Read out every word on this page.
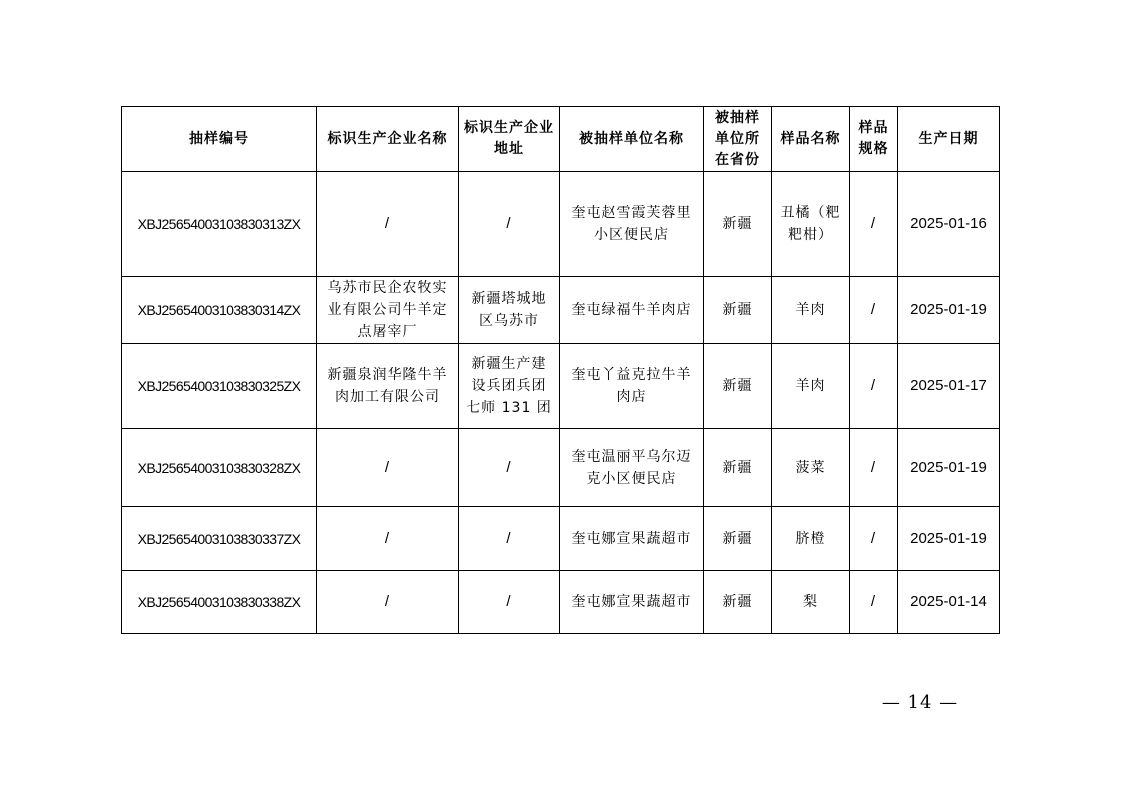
抽样编号	标识生产企业名称	标识生产企业地址	被抽样单位名称	被抽样单位所在省份	样品名称	样品规格	生产日期
XBJ25654003103830313ZX	/	/	奎屯赵雪霞芙蓉里小区便民店	新疆	丑橘（粑粑柑）	/	2025-01-16
XBJ25654003103830314ZX	乌苏市民企农牧实业有限公司牛羊定点屠宰厂	新疆塔城地区乌苏市	奎屯绿福牛羊肉店	新疆	羊肉	/	2025-01-19
XBJ25654003103830325ZX	新疆泉润华隆牛羊肉加工有限公司	新疆生产建设兵团兵团七师 131 团	奎屯丫益克拉牛羊肉店	新疆	羊肉	/	2025-01-17
XBJ25654003103830328ZX	/	/	奎屯温丽平乌尔迈克小区便民店	新疆	菠菜	/	2025-01-19
XBJ25654003103830337ZX	/	/	奎屯娜宣果蔬超市	新疆	脐橙	/	2025-01-19
XBJ25654003103830338ZX	/	/	奎屯娜宣果蔬超市	新疆	梨	/	2025-01-14
— 14 —
